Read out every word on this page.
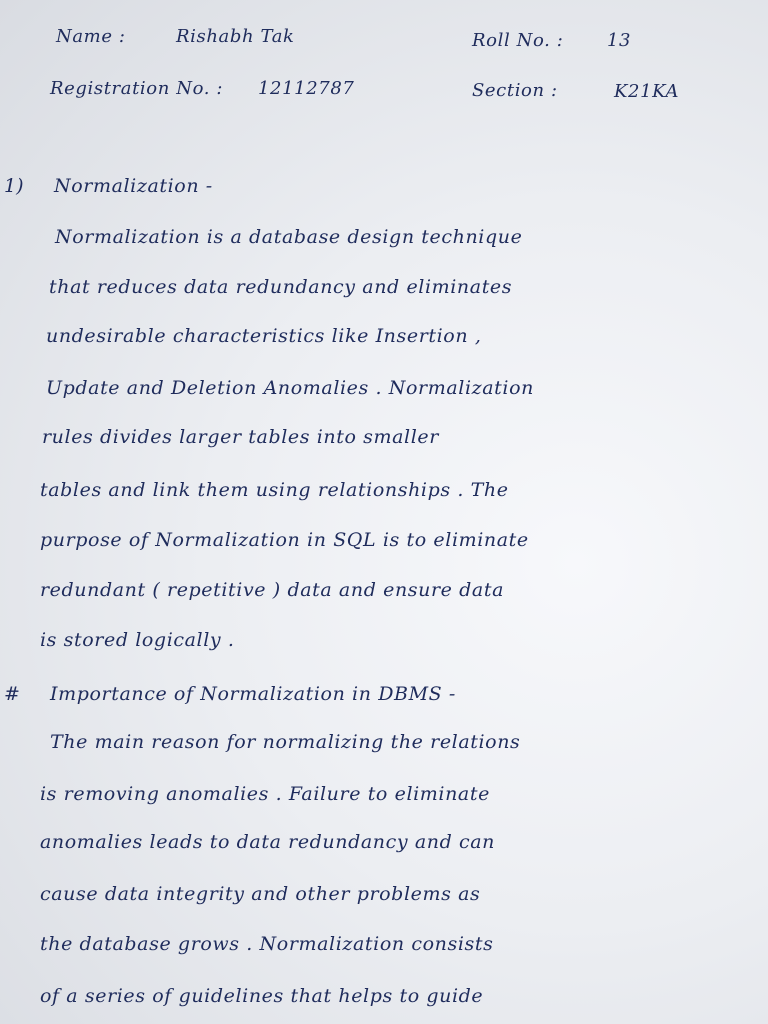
Name :	Rishabh Tak	Roll No. : 13
Registration No. : 12112787	Section :	K21KA
1) Normalization -
Normalization is a database design technique
that reduces data redundancy and eliminates
undesirable characteristics like Insertion ,
Update and Deletion Anomalies . Normalization
rules divides larger tables into smaller
tables and link them using relationships . The
purpose of Normalization in SQL is to eliminate
redundant ( repetitive ) data and ensure data
is stored logically .
# Importance of Normalization in DBMS -
The main reason for normalizing the relations
is removing anomalies . Failure to eliminate
anomalies leads to data redundancy and can
cause data integrity and other problems as
the database grows . Normalization consists
of a series of guidelines that helps to guide
